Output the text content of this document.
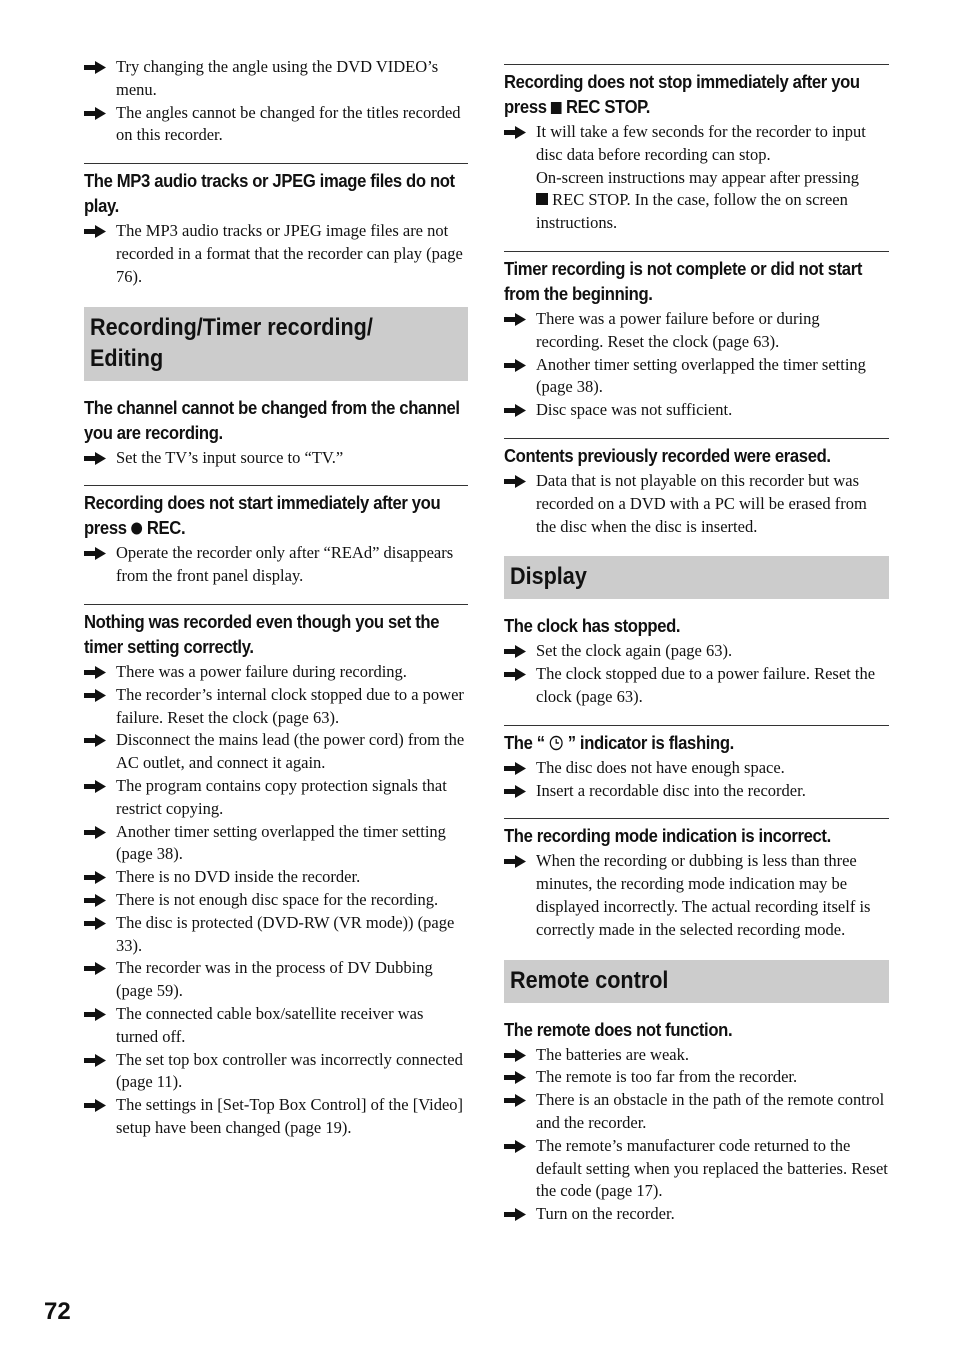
Try changing the angle using the DVD VIDEO’s menu.
The angles cannot be changed for the titles recorded on this recorder.
The MP3 audio tracks or JPEG image files do not play.
The MP3 audio tracks or JPEG image files are not recorded in a format that the recorder can play (page 76).
Recording/Timer recording/
Editing
The channel cannot be changed from the channel you are recording.
Set the TV’s input source to “TV.”
Recording does not start immediately after you
press REC.
Operate the recorder only after “REAd” disappears from the front panel display.
Nothing was recorded even though you set the timer setting correctly.
There was a power failure during recording.
The recorder’s internal clock stopped due to a power failure. Reset the clock (page 63).
Disconnect the mains lead (the power cord) from the AC outlet, and connect it again.
The program contains copy protection signals that restrict copying.
Another timer setting overlapped the timer setting (page 38).
There is no DVD inside the recorder.
There is not enough disc space for the recording.
The disc is protected (DVD-RW (VR mode)) (page 33).
The recorder was in the process of DV Dubbing (page 59).
The connected cable box/satellite receiver was turned off.
The set top box controller was incorrectly connected (page 11).
The settings in [Set-Top Box Control] of the [Video] setup have been changed (page 19).
Recording does not stop immediately after you
press REC STOP.
It will take a few seconds for the recorder to input disc data before recording can stop.
On-screen instructions may appear after pressing
REC STOP. In the case, follow the on screen instructions.
Timer recording is not complete or did not start from the beginning.
There was a power failure before or during recording. Reset the clock (page 63).
Another timer setting overlapped the timer setting (page 38).
Disc space was not sufficient.
Contents previously recorded were erased.
Data that is not playable on this recorder but was recorded on a DVD with a PC will be erased from the disc when the disc is inserted.
Display
The clock has stopped.
Set the clock again (page 63).
The clock stopped due to a power failure. Reset the clock (page 63).
The “ ” indicator is flashing.
The disc does not have enough space.
Insert a recordable disc into the recorder.
The recording mode indication is incorrect.
When the recording or dubbing is less than three minutes, the recording mode indication may be displayed incorrectly. The actual recording itself is correctly made in the selected recording mode.
Remote control
The remote does not function.
The batteries are weak.
The remote is too far from the recorder.
There is an obstacle in the path of the remote control and the recorder.
The remote’s manufacturer code returned to the default setting when you replaced the batteries. Reset the code (page 17).
Turn on the recorder.
72
